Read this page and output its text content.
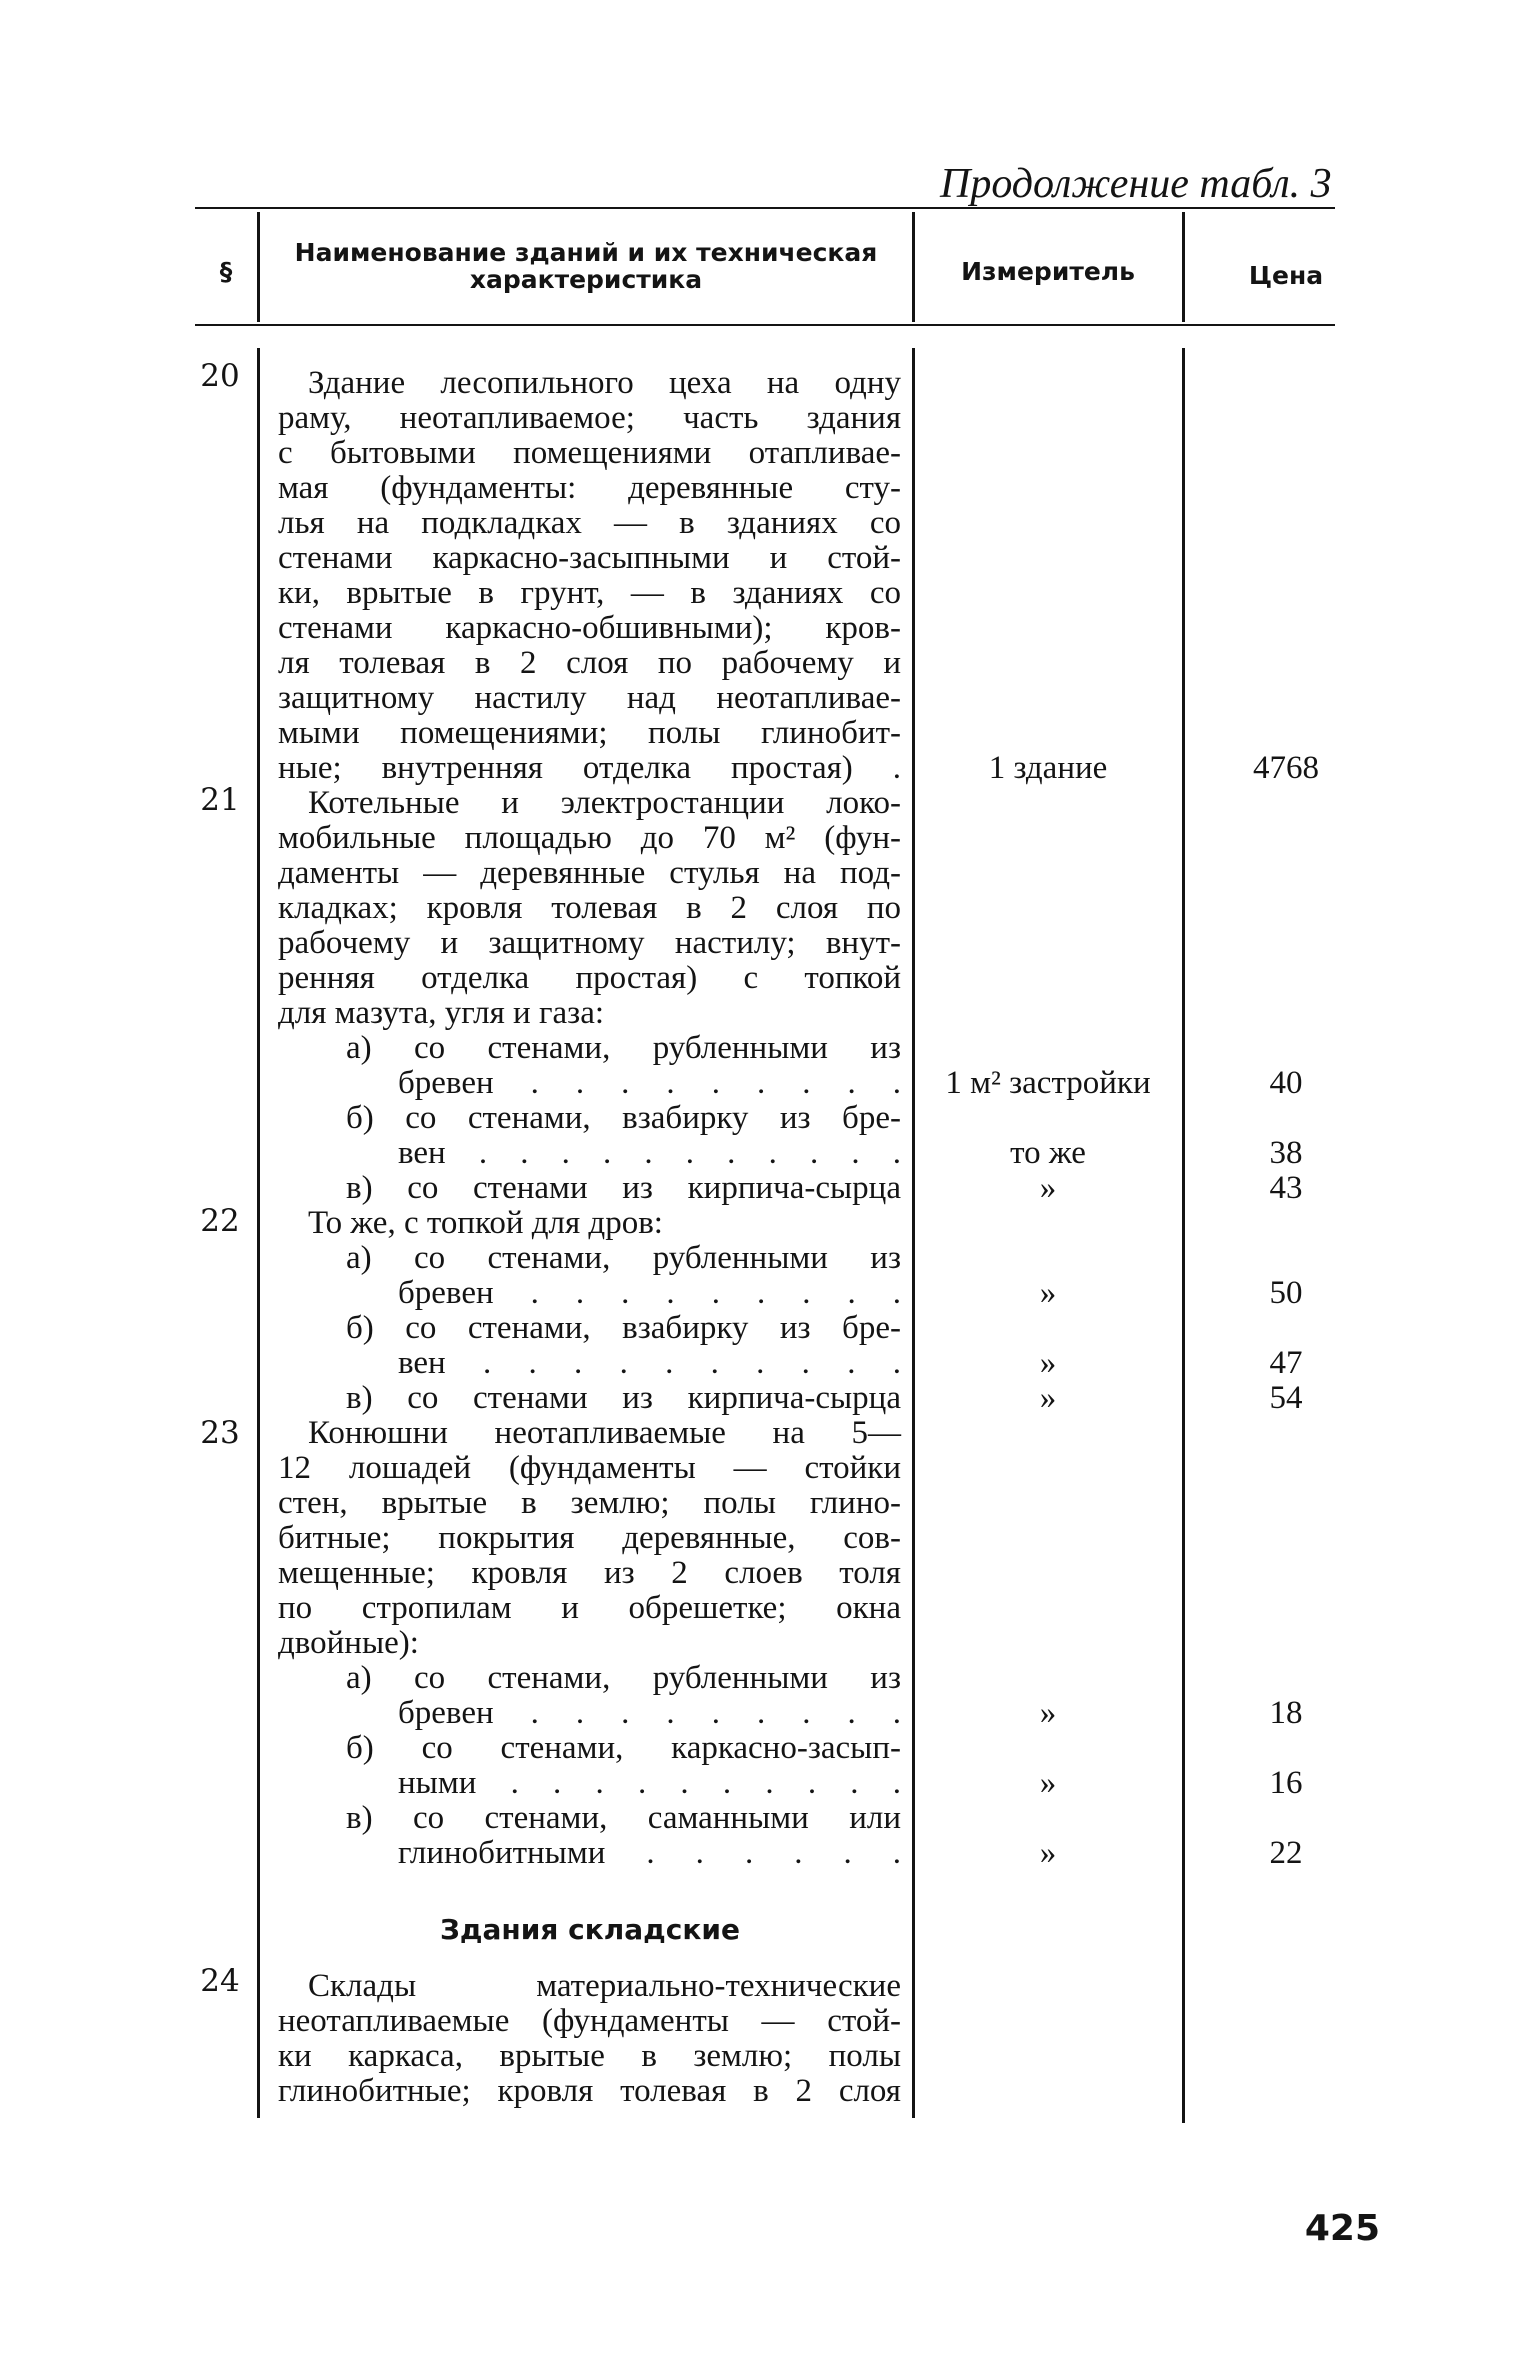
Продолжение табл. 3
§
Наименование зданий и их техническая
характеристика	Измеритель	Цена
20
21
22
23
24
Здание лесопильного цеха на одну
раму, неотапливаемое; часть здания
с бытовыми помещениями отапливае-
мая (фундаменты: деревянные сту-
лья на подкладках — в зданиях со
стенами каркасно-засыпными и стой-
ки, врытые в грунт, — в зданиях со
стенами каркасно-обшивными); кров-
ля толевая в 2 слоя по рабочему и
защитному настилу над неотапливае-
мыми помещениями; полы глинобит-
ные; внутренняя отделка простая) .
Котельные и электростанции локо-
мобильные площадью до 70 м² (фун-
даменты — деревянные стулья на под-
кладках; кровля толевая в 2 слоя по
рабочему и защитному настилу; внут-
ренняя отделка простая) с топкой
для мазута, угля и газа:
а) со стенами, рубленными из
бревен . . . . . . . . .
б) со стенами, взабирку из бре-
вен . . . . . . . . . . .
в) со стенами из кирпича-сырца
То же, с топкой для дров:
а) со стенами, рубленными из
бревен . . . . . . . . .
б) со стенами, взабирку из бре-
вен . . . . . . . . . .
в) со стенами из кирпича-сырца
Конюшни неотапливаемые на 5—
12 лошадей (фундаменты — стойки
стен, врытые в землю; полы глино-
битные; покрытия деревянные, сов-
мещенные; кровля из 2 слоев толя
по стропилам и обрешетке; окна
двойные):
а) со стенами, рубленными из
бревен . . . . . . . . .
б) со стенами, каркасно-засып-
ными . . . . . . . . . .
в) со стенами, саманными или
глинобитными . . . . . .
Здания складские
Склады материально-технические
неотапливаемые (фундаменты — стой-
ки каркаса, врытые в землю; полы
глинобитные; кровля толевая в 2 слоя
1 здание
1 м² застройки
то же
»
»
»
»
»
»
»
4768
40
38
43
50
47
54
18
16
22
425
